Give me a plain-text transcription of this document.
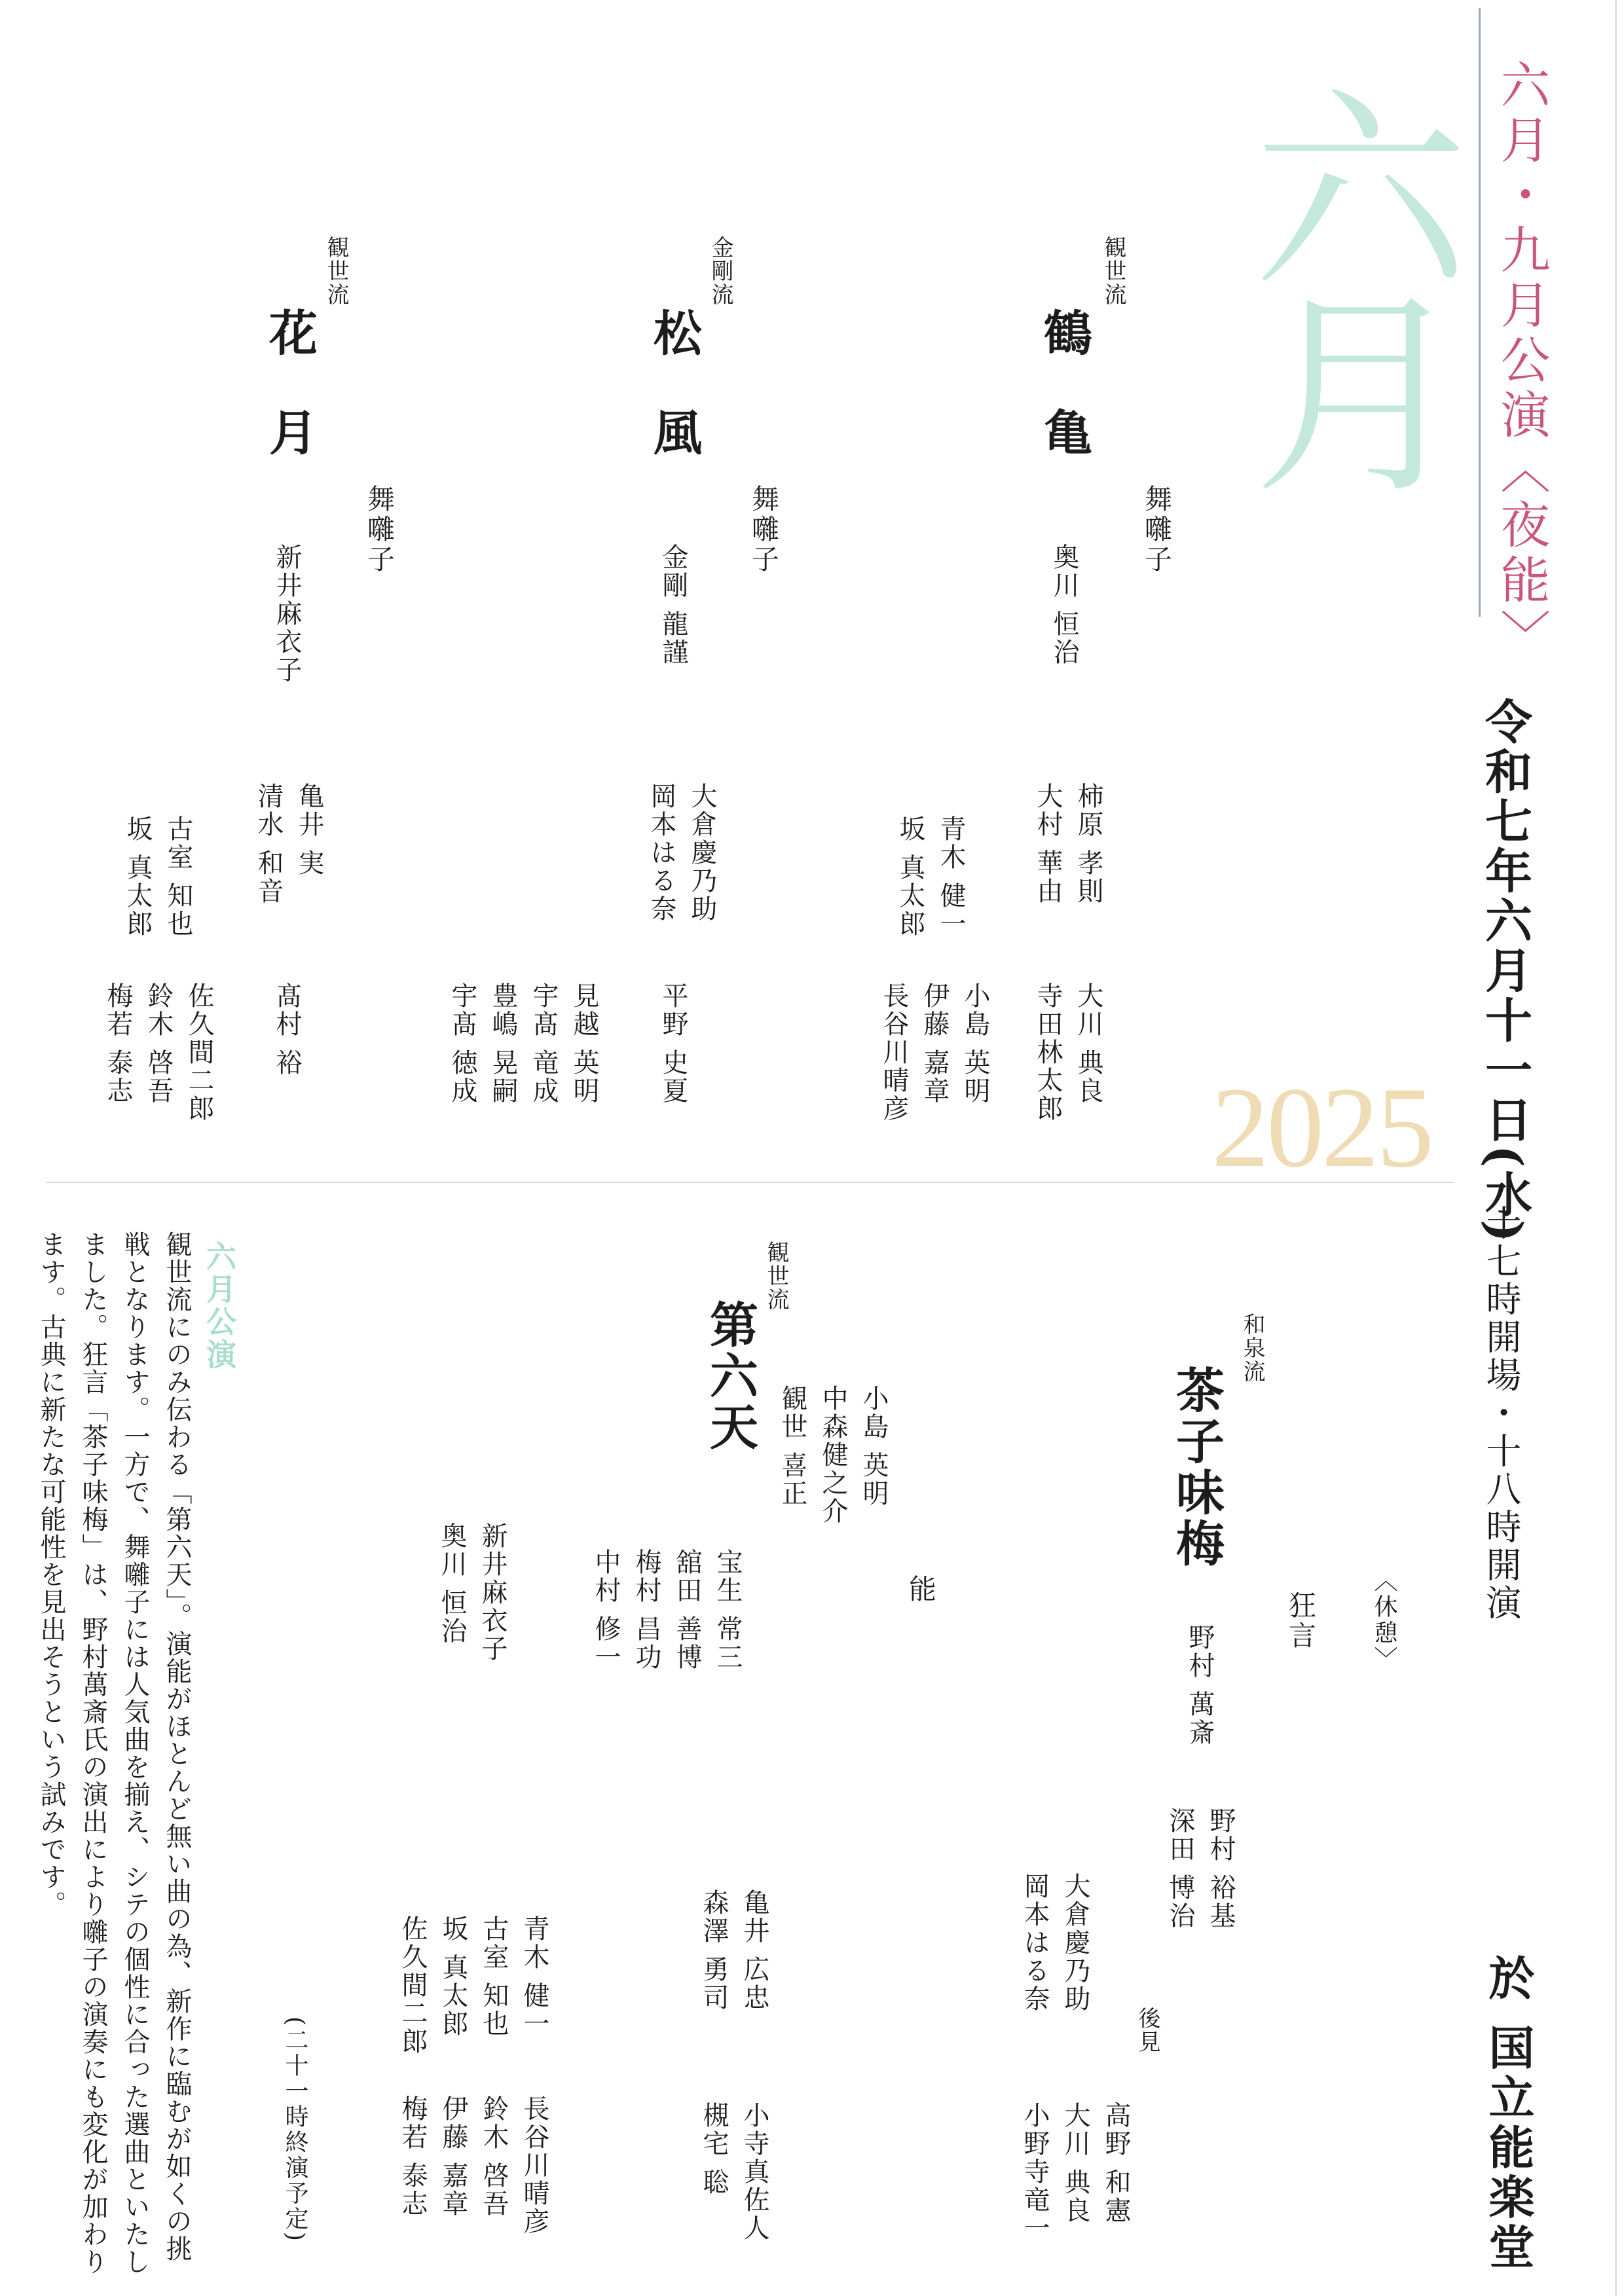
六月・九月公演〈夜能〉
六月
2025 令和七年六月十一日(水)
十七時開場・十八時開演
於 国立能楽堂
観世流
鶴亀
舞囃子
奥川 恒治
柿原 孝則
大村 華由
青木 健一
坂 真太郎
大川 典良
寺田林太郎
小島 英明
伊藤 嘉章
長谷川晴彦
金剛流
松風
舞囃子
金剛 龍謹
大倉慶乃助
岡本はる奈
平野 史夏
見越 英明
宇髙 竜成
豊嶋 晃嗣
宇髙 徳成
観世流
花月
舞囃子
新井麻衣子
亀井 実
清水 和音
古室 知也
坂 真太郎
髙村 裕
佐久間二郎
鈴木 啓吾
梅若 泰志
和泉流
茶子味梅
狂言
野村 萬斎
野村 裕基
深田 博治
〈休憩〉
後見
高野 和憲
大川 典良
小野寺竜一
大倉慶乃助
岡本はる奈
能
観世流
第六天	小島 英明
中森健之介
観世 喜正
宝生 常三
舘田 善博
梅村 昌功
中村 修一
新井麻衣子
奥川 恒治
亀井 広忠
森澤 勇司
小寺真佐人
槻宅 聡
青木 健一
古室 知也
坂 真太郎
佐久間二郎
長谷川晴彦
鈴木 啓吾
伊藤 嘉章
梅若 泰志
(二十一時終演予定)
六月公演
観世流にのみ伝わる「第六天」。演能がほとんど無い曲の為、新作に臨むが如くの挑戦となります。一方で、舞囃子には人気曲を揃え、シテの個性に合った選曲といたしました。狂言「茶子味梅」は、野村萬斎氏の演出により囃子の演奏にも変化が加わります。古典に新たな可能性を見出そうという試みです。
